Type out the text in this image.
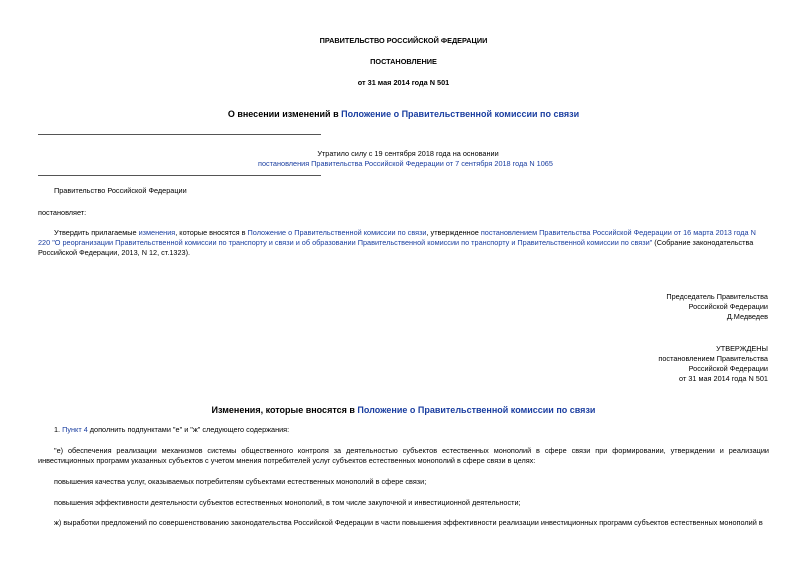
ПРАВИТЕЛЬСТВО РОССИЙСКОЙ ФЕДЕРАЦИИ
ПОСТАНОВЛЕНИЕ
от 31 мая 2014 года N 501
О внесении изменений в Положение о Правительственной комиссии по связи
Утратило силу с 19 сентября 2018 года на основании
постановления Правительства Российской Федерации от 7 сентября 2018 года N 1065
Правительство Российской Федерации
постановляет:
Утвердить прилагаемые изменения, которые вносятся в Положение о Правительственной комиссии по связи, утвержденное постановлением Правительства Российской Федерации от 16 марта 2013 года N 220 "О реорганизации Правительственной комиссии по транспорту и связи и об образовании Правительственной комиссии по транспорту и Правительственной комиссии по связи" (Собрание законодательства Российской Федерации, 2013, N 12, ст.1323).
Председатель Правительства
Российской Федерации
Д.Медведев
УТВЕРЖДЕНЫ
постановлением Правительства
Российской Федерации
от 31 мая 2014 года N 501
Изменения, которые вносятся в Положение о Правительственной комиссии по связи
1. Пункт 4 дополнить подпунктами "е" и "ж" следующего содержания:
"е) обеспечения реализации механизмов системы общественного контроля за деятельностью субъектов естественных монополий в сфере связи при формировании, утверждении и реализации инвестиционных программ указанных субъектов с учетом мнения потребителей услуг субъектов естественных монополий в сфере связи в целях:
повышения качества услуг, оказываемых потребителям субъектами естественных монополий в сфере связи;
повышения эффективности деятельности субъектов естественных монополий, в том числе закупочной и инвестиционной деятельности;
ж) выработки предложений по совершенствованию законодательства Российской Федерации в части повышения эффективности реализации инвестиционных программ субъектов естественных монополий в
